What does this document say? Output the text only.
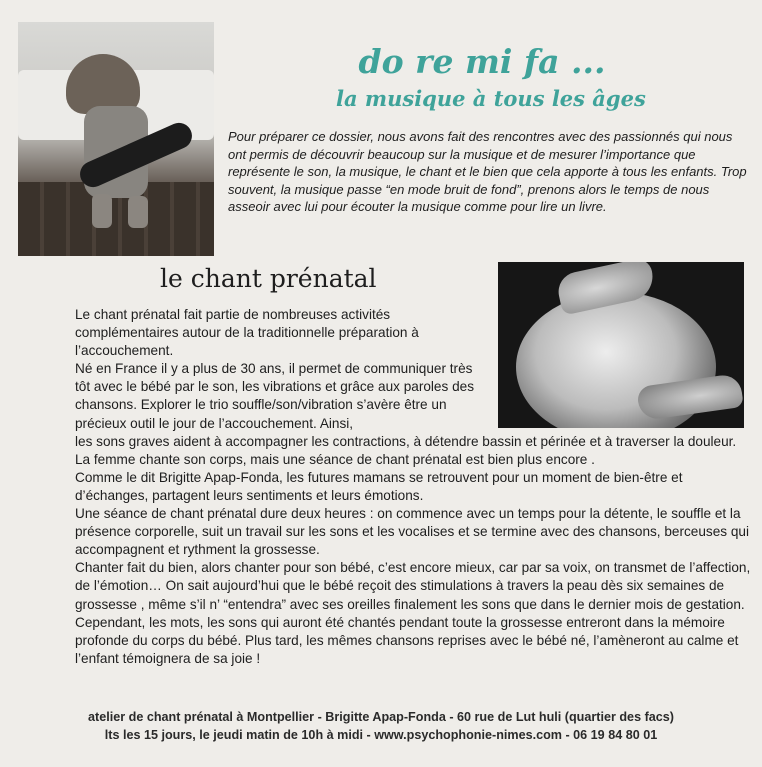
do re mi fa ...
la musique à tous les âges
Pour préparer ce dossier, nous avons fait des rencontres avec des passionnés qui nous ont permis de découvrir beaucoup sur la musique et de mesurer l’importance que représente le son, la musique, le chant et le bien que cela apporte à tous les enfants. Trop souvent, la musique passe “en mode bruit de fond”, prenons alors le temps de nous asseoir avec lui pour écouter la musique comme pour lire un livre.
le chant prénatal

Le chant prénatal fait partie de nombreuses activités complémentaires autour de la traditionnelle préparation à l’accouchement.

Né en France il y a plus de 30 ans, il permet de communiquer très tôt avec le bébé par le son, les vibrations et grâce aux paroles des chansons. Explorer le trio souffle/son/vibration s’avère être un précieux outil le jour de l’accouchement. Ainsi,

les sons graves aident à accompagner les contractions, à détendre bassin et périnée et à traverser la douleur.

La femme chante son corps, mais une séance de chant prénatal est bien plus encore .

Comme le dit Brigitte Apap-Fonda, les futures mamans se retrouvent pour un moment de bien-être et d’échanges, partagent leurs sentiments et leurs émotions.

Une séance de chant prénatal dure deux heures : on commence avec un temps pour la détente, le souffle et la présence corporelle, suit un travail sur les sons et les vocalises et se termine avec des chansons, berceuses qui accompagnent et rythment la grossesse.

Chanter fait du bien, alors chanter pour son bébé, c’est encore mieux, car par sa voix, on transmet de l’affection, de l’émotion… On sait aujourd’hui que le bébé reçoit des stimulations à travers la peau dès six semaines de grossesse , même s’il n’ “entendra” avec ses oreilles finalement les sons que dans le dernier mois de gestation. Cependant, les mots, les sons qui auront été chantés pendant toute la grossesse entreront dans la mémoire profonde du corps du bébé. Plus tard, les mêmes chansons reprises avec le bébé né, l’amèneront au calme et l’enfant témoignera de sa joie !

atelier de chant prénatal à Montpellier - Brigitte Apap-Fonda - 60 rue de Lut huli (quartier des facs)
lts les 15 jours, le jeudi matin de 10h à midi - www.psychophonie-nimes.com - 06 19 84 80 01
